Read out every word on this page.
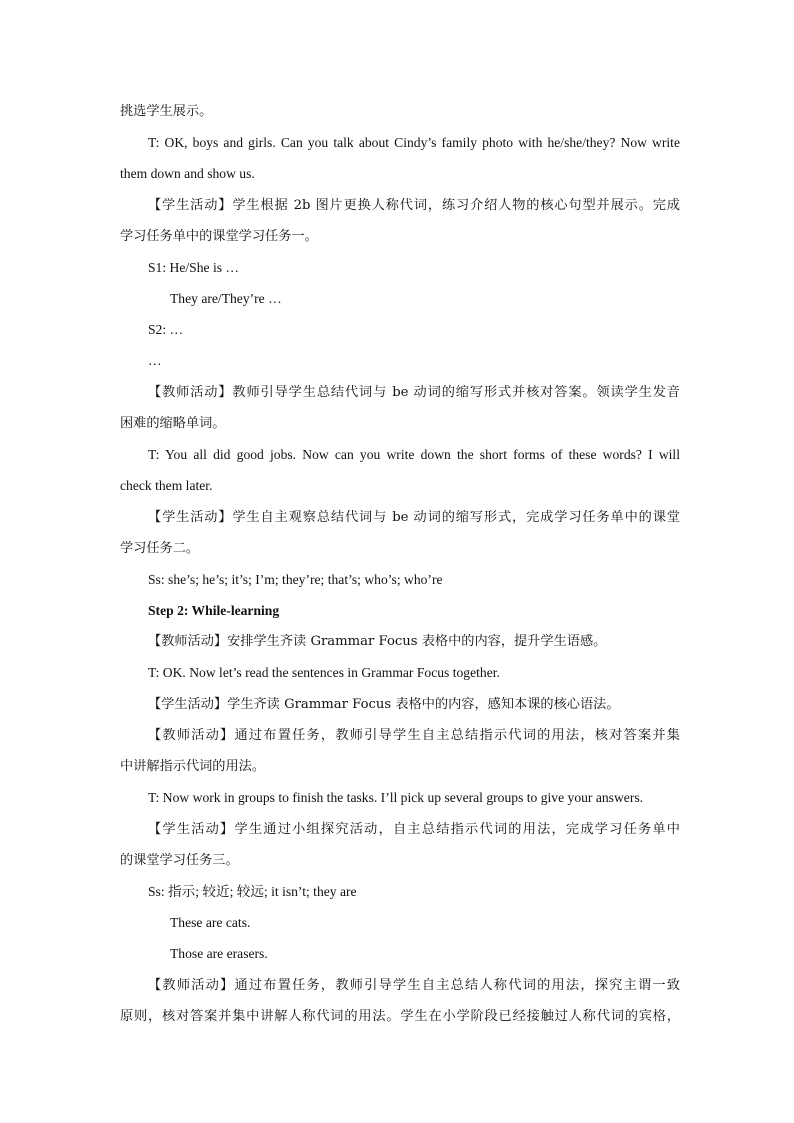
挑选学生展示。
T: OK, boys and girls. Can you talk about Cindy’s family photo with he/she/they? Now write
them down and show us.
【学生活动】学生根据 2b 图片更换人称代词，练习介绍人物的核心句型并展示。完成
学习任务单中的课堂学习任务一。
S1: He/She is …
They are/They’re …
S2: …
…
【教师活动】教师引导学生总结代词与 be 动词的缩写形式并核对答案。领读学生发音
困难的缩略单词。
T: You all did good jobs. Now can you write down the short forms of these words? I will
check them later.
【学生活动】学生自主观察总结代词与 be 动词的缩写形式，完成学习任务单中的课堂
学习任务二。
Ss: she’s; he’s; it’s; I’m; they’re; that’s; who’s; who’re
Step 2: While-learning
【教师活动】安排学生齐读 Grammar Focus 表格中的内容，提升学生语感。
T: OK. Now let’s read the sentences in Grammar Focus together.
【学生活动】学生齐读 Grammar Focus 表格中的内容，感知本课的核心语法。
【教师活动】通过布置任务，教师引导学生自主总结指示代词的用法，核对答案并集
中讲解指示代词的用法。
T: Now work in groups to finish the tasks. I’ll pick up several groups to give your answers.
【学生活动】学生通过小组探究活动，自主总结指示代词的用法，完成学习任务单中
的课堂学习任务三。
Ss: 指示; 较近; 较远; it isn’t; they are
These are cats.
Those are erasers.
【教师活动】通过布置任务，教师引导学生自主总结人称代词的用法，探究主谓一致
原则，核对答案并集中讲解人称代词的用法。学生在小学阶段已经接触过人称代词的宾格，
